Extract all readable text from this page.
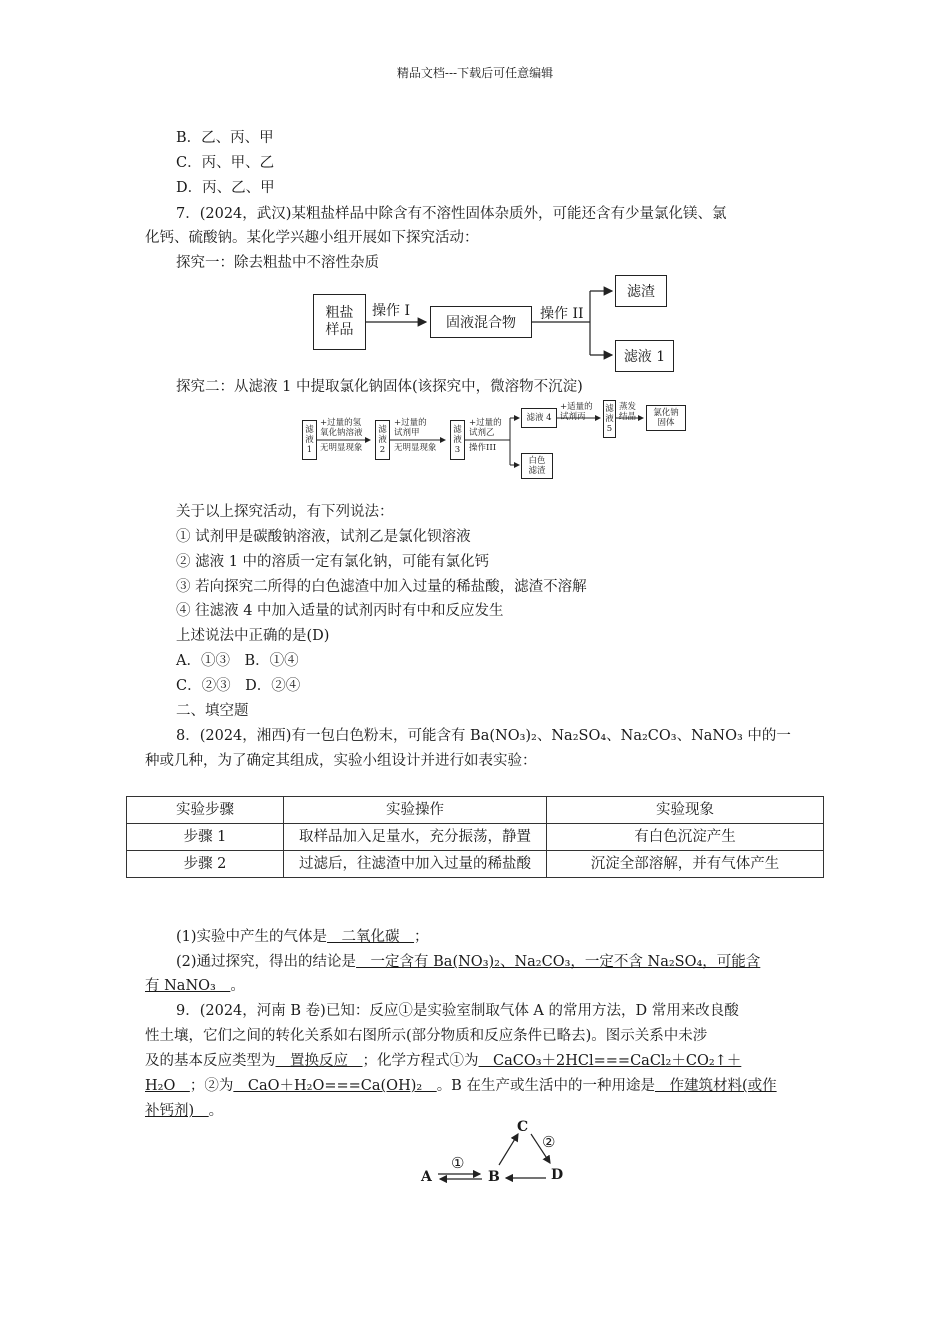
精品文档---下载后可任意编辑
B．乙、丙、甲
C．丙、甲、乙
D．丙、乙、甲
7．(2024，武汉)某粗盐样品中除含有不溶性固体杂质外，可能还含有少量氯化镁、氯
化钙、硫酸钠。某化学兴趣小组开展如下探究活动：
探究一：除去粗盐中不溶性杂质
粗盐
样品
操作 I
固液混合物
操作 II
滤渣
滤液 1
探究二：从滤液 1 中提取氯化钠固体(该探究中，微溶物不沉淀)
滤
液
1
+过量的氢
氧化钠溶液
无明显现象
滤
液
2
+过量的
试剂甲
无明显现象
滤
液
3
+过量的
试剂乙
操作III
滤液 4
+适量的
试剂丙
滤
液
5
蒸发
结晶	氯化钠
固体
白色
滤渣
关于以上探究活动，有下列说法：
① 试剂甲是碳酸钠溶液，试剂乙是氯化钡溶液
② 滤液 1 中的溶质一定有氯化钠，可能有氯化钙
③ 若向探究二所得的白色滤渣中加入过量的稀盐酸，滤渣不溶解
④ 往滤液 4 中加入适量的试剂丙时有中和反应发生
上述说法中正确的是(D)
A．①③　B．①④
C．②③　D．②④
二、填空题
8．(2024，湘西)有一包白色粉末，可能含有 Ba(NO₃)₂、Na₂SO₄、Na₂CO₃、NaNO₃ 中的一
种或几种，为了确定其组成，实验小组设计并进行如表实验：
实验步骤	实验操作	实验现象
步骤 1	取样品加入足量水，充分振荡，静置	有白色沉淀产生
步骤 2	过滤后，往滤渣中加入过量的稀盐酸	沉淀全部溶解，并有气体产生
(1)实验中产生的气体是　二氧化碳　；
(2)通过探究，得出的结论是　一定含有 Ba(NO₃)₂、Na₂CO₃，一定不含 Na₂SO₄，可能含
有 NaNO₃　。
9．(2024，河南 B 卷)已知：反应①是实验室制取气体 A 的常用方法，D 常用来改良酸
性土壤，它们之间的转化关系如右图所示(部分物质和反应条件已略去)。图示关系中未涉
及的基本反应类型为　置换反应　；化学方程式①为　CaCO₃＋2HCl===CaCl₂＋CO₂↑＋
H₂O　；②为　CaO＋H₂O===Ca(OH)₂　。B 在生产或生活中的一种用途是　作建筑材料(或作
补钙剂)　。
A	B
C
D
①
②
